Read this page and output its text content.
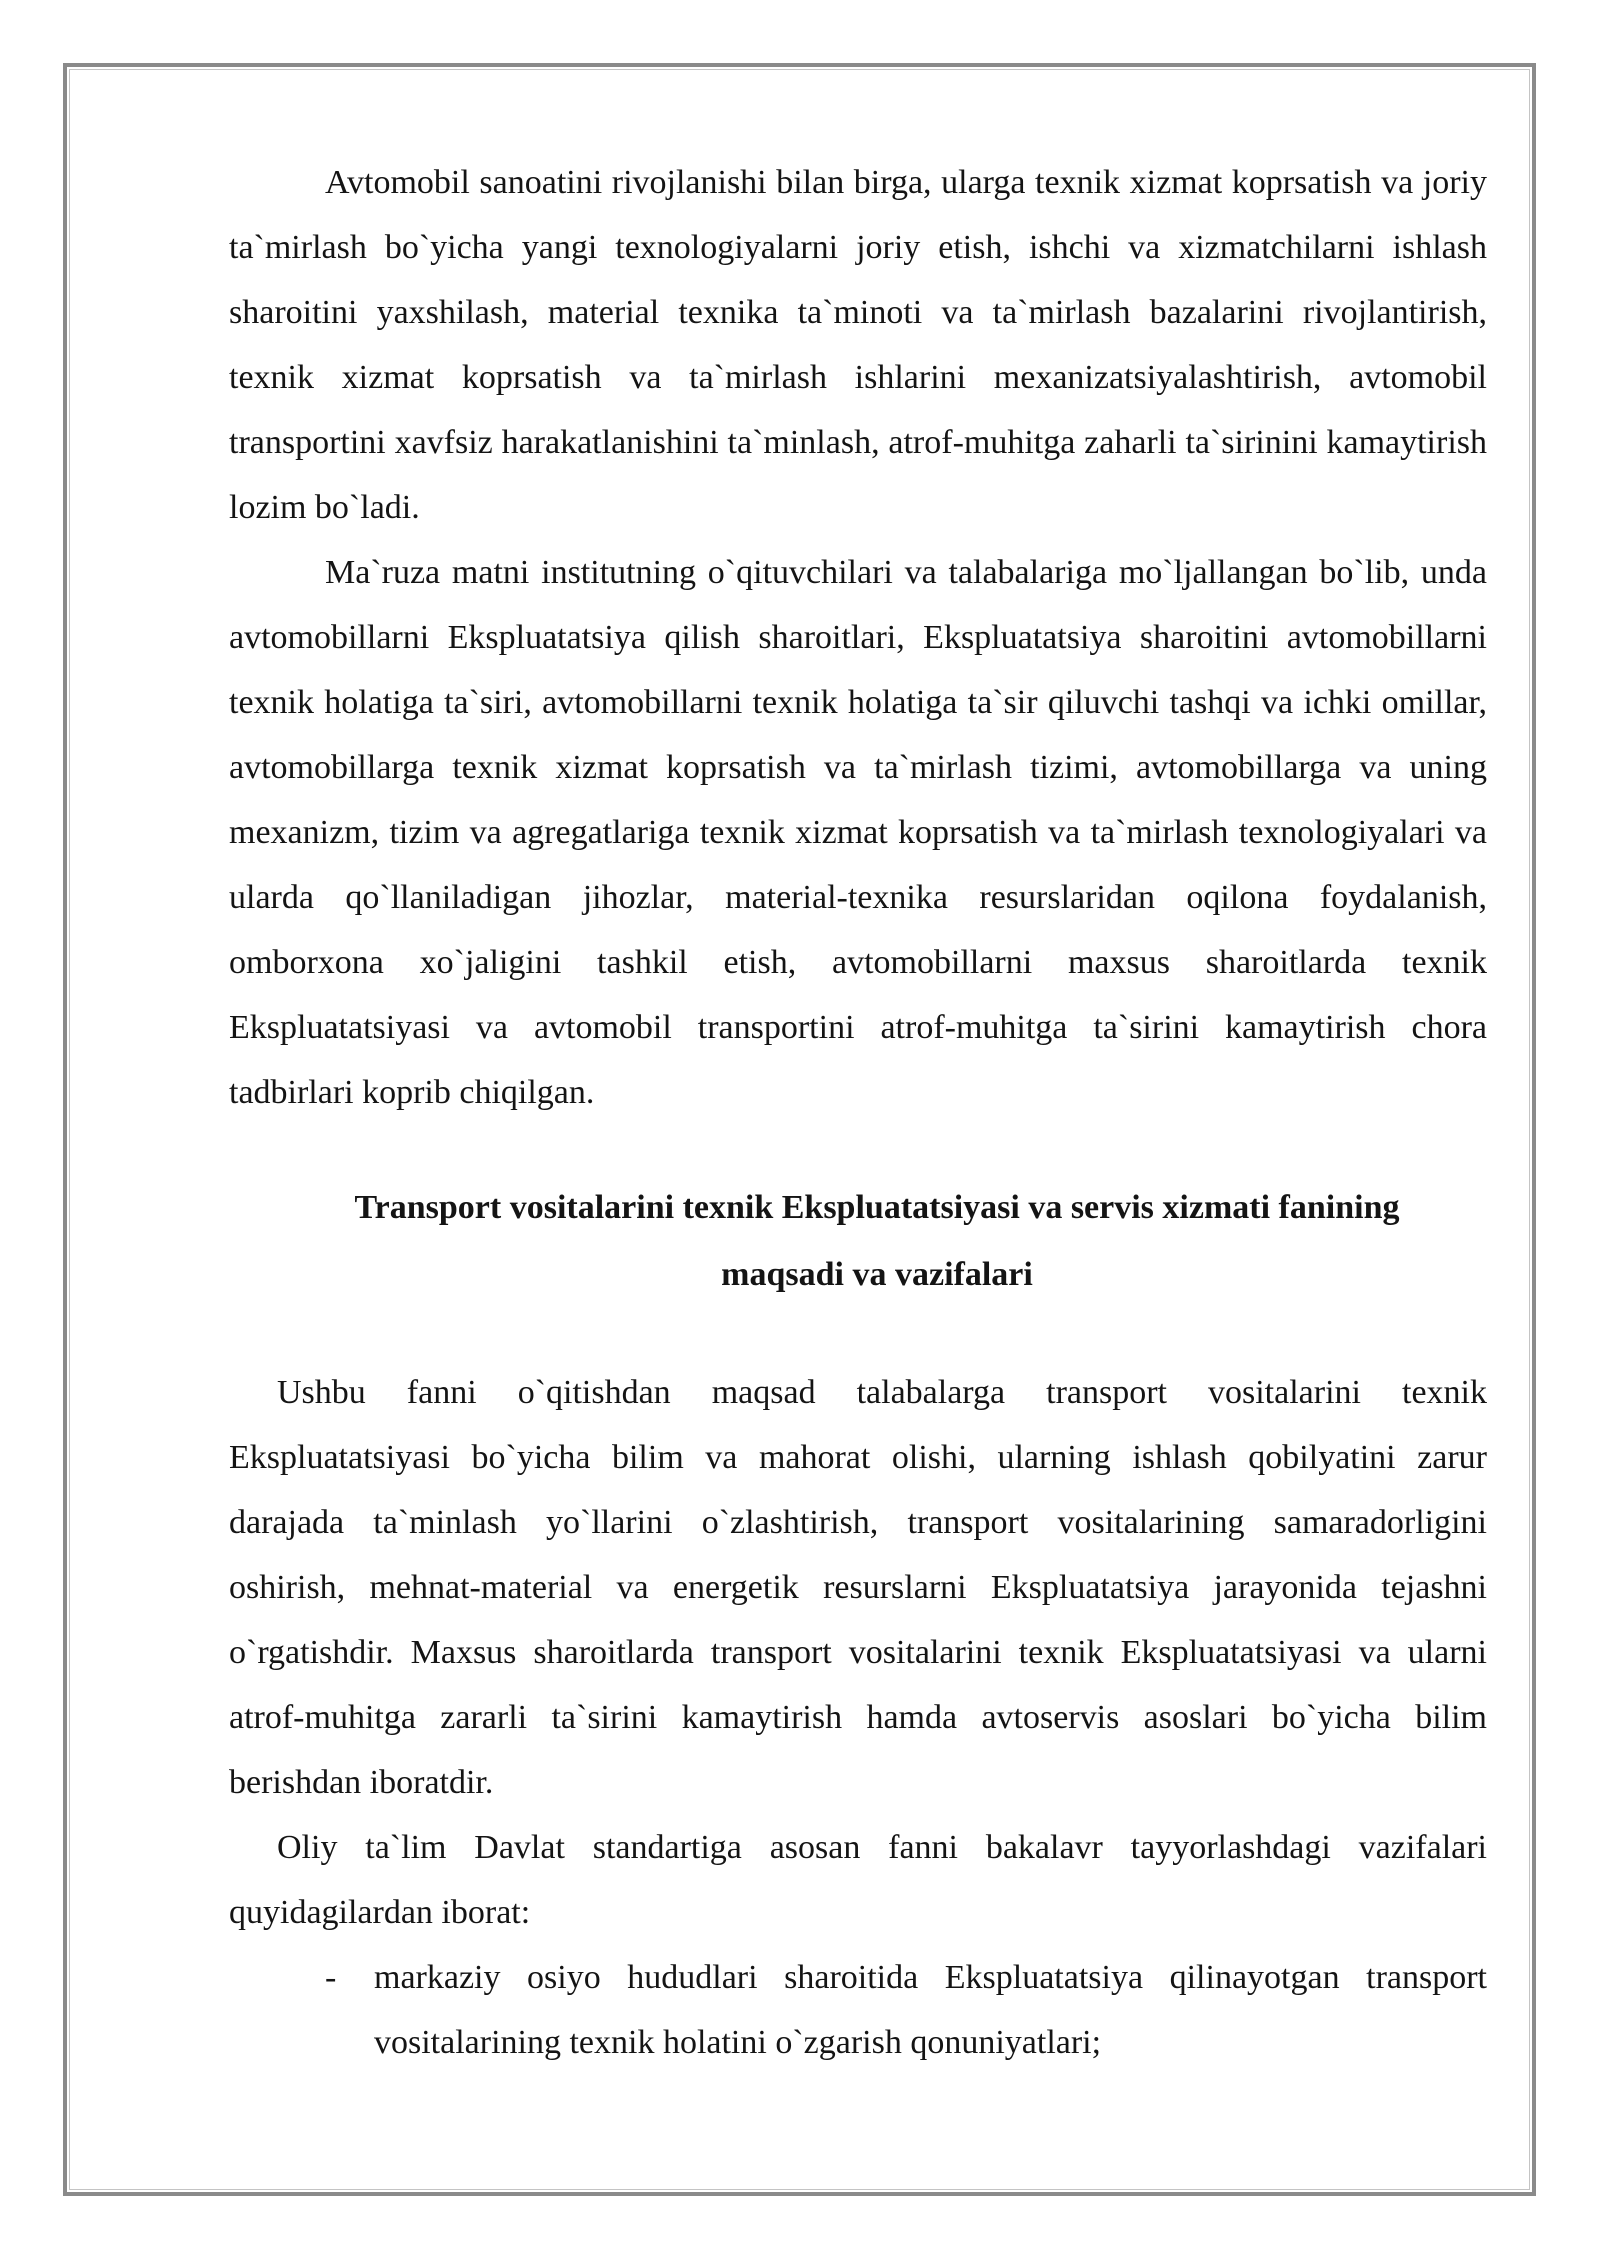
Avtomobil sanoatini rivojlanishi bilan birga, ularga texnik xizmat koprsatish va joriy ta`mirlash bo`yicha yangi texnologiyalarni joriy etish, ishchi va xizmatchilarni ishlash sharoitini yaxshilash, material texnika ta`minoti va ta`mirlash bazalarini rivojlantirish, texnik xizmat koprsatish va ta`mirlash ishlarini mexanizatsiyalashtirish, avtomobil transportini xavfsiz harakatlanishini ta`minlash, atrof-muhitga zaharli ta`sirinini kamaytirish lozim bo`ladi.

Ma`ruza matni institutning o`qituvchilari va talabalariga mo`ljallangan bo`lib, unda avtomobillarni Ekspluatatsiya qilish sharoitlari, Ekspluatatsiya sharoitini avtomobillarni texnik holatiga ta`siri, avtomobillarni texnik holatiga ta`sir qiluvchi tashqi va ichki omillar, avtomobillarga texnik xizmat koprsatish va ta`mirlash tizimi, avtomobillarga va uning mexanizm, tizim va agregatlariga texnik xizmat koprsatish va ta`mirlash texnologiyalari va ularda qo`llaniladigan jihozlar, material-texnika resurslaridan oqilona foydalanish, omborxona xo`jaligini tashkil etish, avtomobillarni maxsus sharoitlarda texnik Ekspluatatsiyasi va avtomobil transportini atrof-muhitga ta`sirini kamaytirish chora tadbirlari koprib chiqilgan.

Transport vositalarini texnik Ekspluatatsiyasi va servis xizmati fanining maqsadi va vazifalari

Ushbu fanni o`qitishdan maqsad talabalarga transport vositalarini texnik Ekspluatatsiyasi bo`yicha bilim va mahorat olishi, ularning ishlash qobilyatini zarur darajada ta`minlash yo`llarini o`zlashtirish, transport vositalarining samaradorligini oshirish, mehnat-material va energetik resurslarni Ekspluatatsiya jarayonida tejashni o`rgatishdir. Maxsus sharoitlarda transport vositalarini texnik Ekspluatatsiyasi va ularni atrof-muhitga zararli ta`sirini kamaytirish hamda avtoservis asoslari bo`yicha bilim berishdan iboratdir.

Oliy ta`lim Davlat standartiga asosan fanni bakalavr tayyorlashdagi vazifalari quyidagilardan iborat:

-	markaziy osiyo hududlari sharoitida Ekspluatatsiya qilinayotgan transport vositalarining texnik holatini o`zgarish qonuniyatlari;
